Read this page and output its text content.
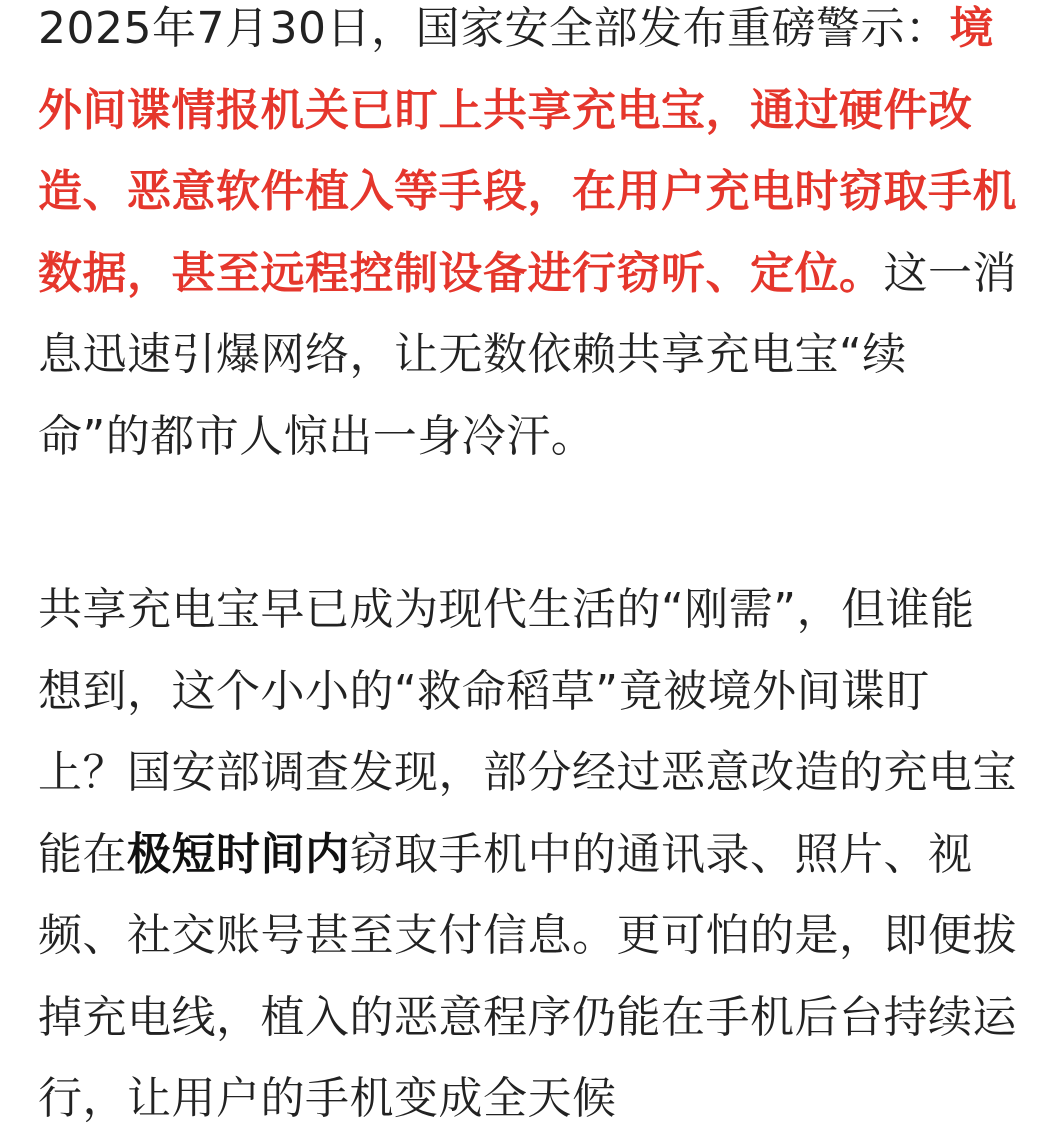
2025年7月30日，国家安全部发布重磅警示：境外间谍情报机关已盯上共享充电宝，通过硬件改造、恶意软件植入等手段，在用户充电时窃取手机数据，甚至远程控制设备进行窃听、定位。这一消息迅速引爆网络，让无数依赖共享充电宝“续命”的都市人惊出一身冷汗。

共享充电宝早已成为现代生活的“刚需”，但谁能想到，这个小小的“救命稻草”竟被境外间谍盯上？国安部调查发现，部分经过恶意改造的充电宝能在极短时间内窃取手机中的通讯录、照片、视频、社交账号甚至支付信息。更可怕的是，即便拔掉充电线，植入的恶意程序仍能在手机后台持续运行，让用户的手机变成全天候
